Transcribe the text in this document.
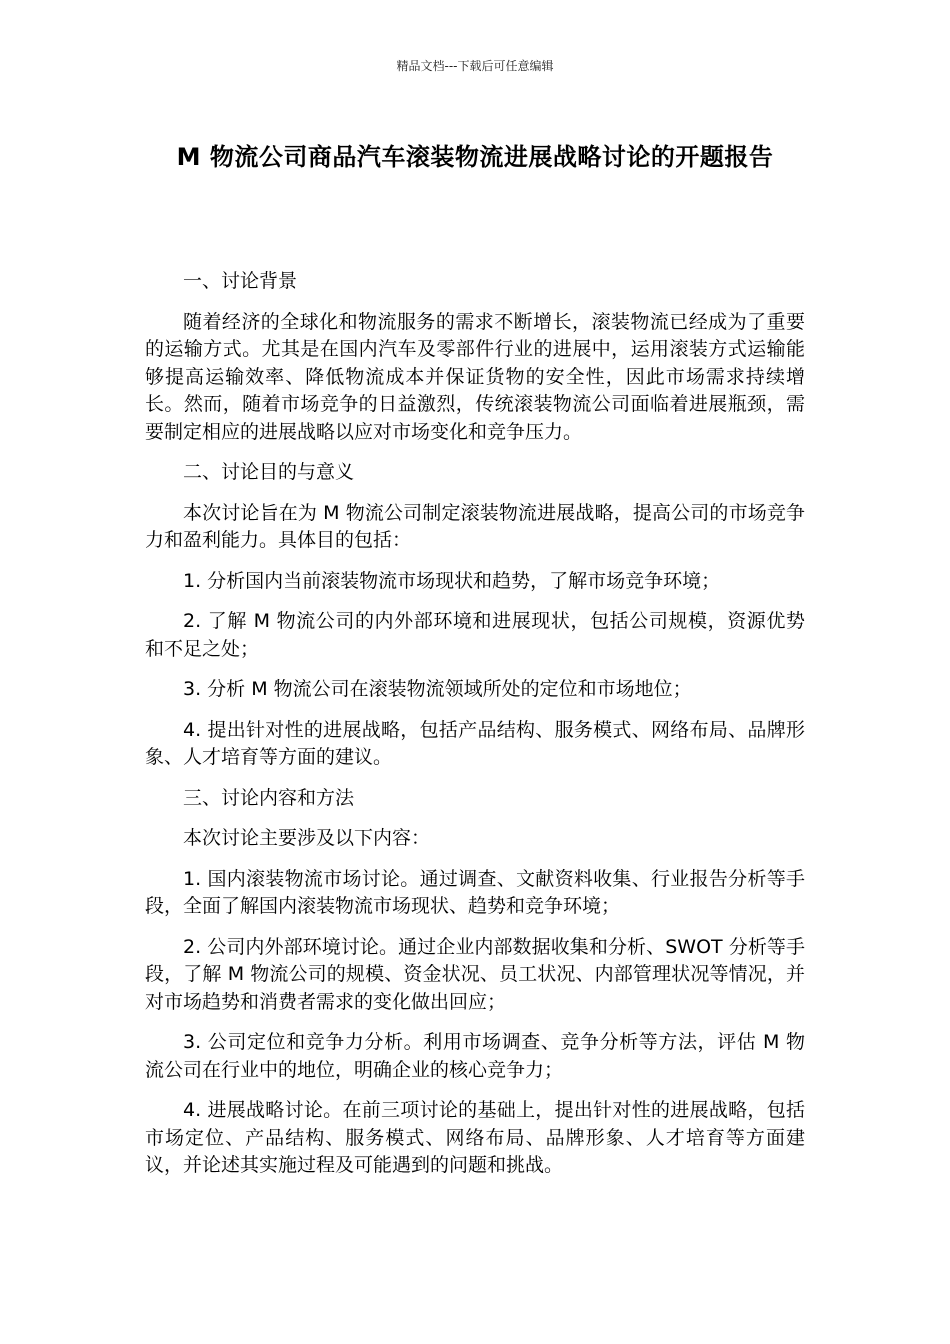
精品文档---下载后可任意编辑
M 物流公司商品汽车滚装物流进展战略讨论的开题报告

一、讨论背景

随着经济的全球化和物流服务的需求不断增长，滚装物流已经成为了重要的运输方式。尤其是在国内汽车及零部件行业的进展中，运用滚装方式运输能够提高运输效率、降低物流成本并保证货物的安全性，因此市场需求持续增长。然而，随着市场竞争的日益激烈，传统滚装物流公司面临着进展瓶颈，需要制定相应的进展战略以应对市场变化和竞争压力。

二、讨论目的与意义

本次讨论旨在为 M 物流公司制定滚装物流进展战略，提高公司的市场竞争力和盈利能力。具体目的包括：

1. 分析国内当前滚装物流市场现状和趋势，了解市场竞争环境；

2. 了解 M 物流公司的内外部环境和进展现状，包括公司规模，资源优势和不足之处；

3. 分析 M 物流公司在滚装物流领域所处的定位和市场地位；

4. 提出针对性的进展战略，包括产品结构、服务模式、网络布局、品牌形象、人才培育等方面的建议。

三、讨论内容和方法

本次讨论主要涉及以下内容：

1. 国内滚装物流市场讨论。通过调查、文献资料收集、行业报告分析等手段，全面了解国内滚装物流市场现状、趋势和竞争环境；

2. 公司内外部环境讨论。通过企业内部数据收集和分析、SWOT 分析等手段，了解 M 物流公司的规模、资金状况、员工状况、内部管理状况等情况，并对市场趋势和消费者需求的变化做出回应；

3. 公司定位和竞争力分析。利用市场调查、竞争分析等方法，评估 M 物流公司在行业中的地位，明确企业的核心竞争力；

4. 进展战略讨论。在前三项讨论的基础上，提出针对性的进展战略，包括市场定位、产品结构、服务模式、网络布局、品牌形象、人才培育等方面建议，并论述其实施过程及可能遇到的问题和挑战。
